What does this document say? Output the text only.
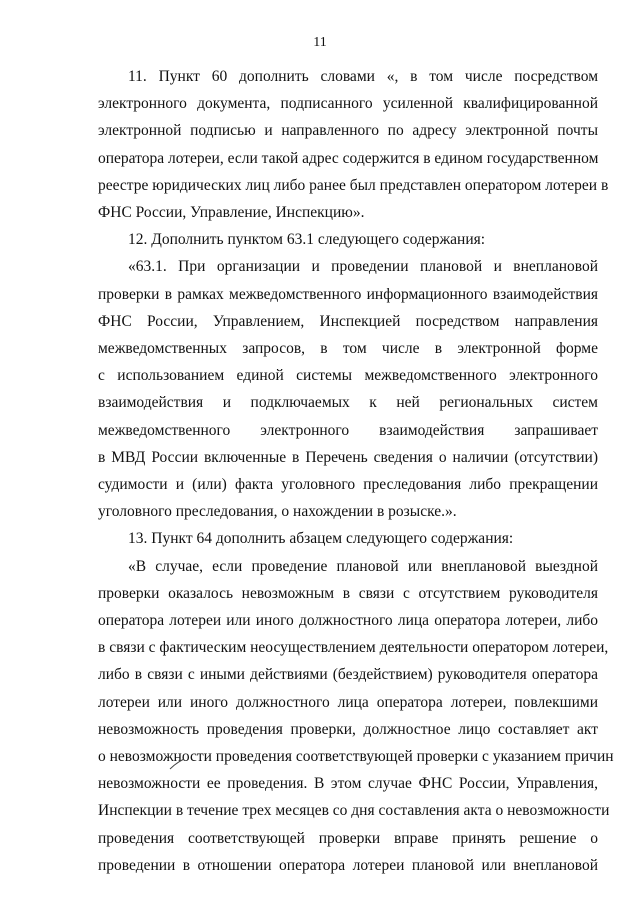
11
11. Пункт 60 дополнить словами «, в том числе посредством
электронного документа, подписанного усиленной квалифицированной
электронной подписью и направленного по адресу электронной почты
оператора лотереи, если такой адрес содержится в едином государственном
реестре юридических лиц либо ранее был представлен оператором лотереи в
ФНС России, Управление, Инспекцию».
12. Дополнить пунктом 63.1 следующего содержания:
«63.1. При организации и проведении плановой и внеплановой
проверки в рамках межведомственного информационного взаимодействия
ФНС России, Управлением, Инспекцией посредством направления
межведомственных запросов, в том числе в электронной форме
с использованием единой системы межведомственного электронного
взаимодействия и подключаемых к ней региональных систем
межведомственного электронного взаимодействия запрашивает
в МВД России включенные в Перечень сведения о наличии (отсутствии)
судимости и (или) факта уголовного преследования либо прекращении
уголовного преследования, о нахождении в розыске.».
13. Пункт 64 дополнить абзацем следующего содержания:
«В случае, если проведение плановой или внеплановой выездной
проверки оказалось невозможным в связи с отсутствием руководителя
оператора лотереи или иного должностного лица оператора лотереи, либо
в связи с фактическим неосуществлением деятельности оператором лотереи,
либо в связи с иными действиями (бездействием) руководителя оператора
лотереи или иного должностного лица оператора лотереи, повлекшими
невозможность проведения проверки, должностное лицо составляет акт
о невозможности проведения соответствующей проверки с указанием причин
невозможности ее проведения. В этом случае ФНС России, Управления,
Инспекции в течение трех месяцев со дня составления акта о невозможности
проведения соответствующей проверки вправе принять решение о
проведении в отношении оператора лотереи плановой или внеплановой
